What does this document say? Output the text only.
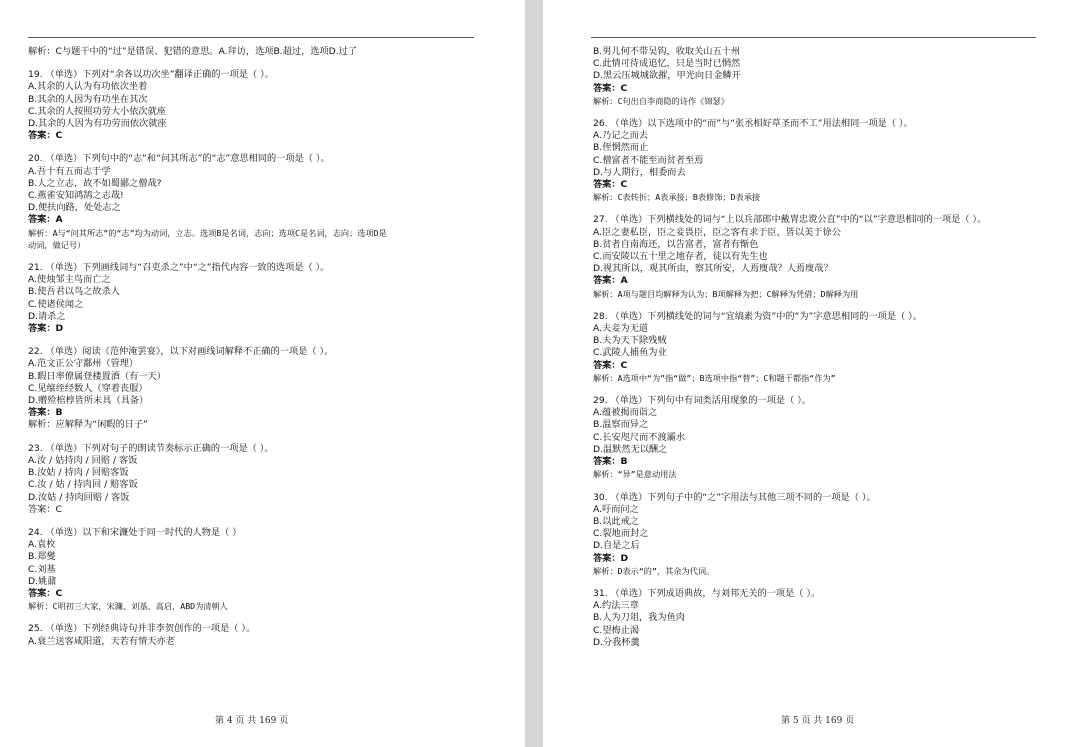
解析：C与题干中的“过”是错误、犯错的意思。A.拜访，选项B.超过，选项D.过了
19. （单选）下列对“余各以功次坐”翻译正确的一项是（ ）。
A.其余的人认为有功依次坐着
B.其余的人因为有功坐在其次
C.其余的人按照功劳大小依次就座
D.其余的人因为有功劳而依次就座
答案：C
20. （单选）下列句中的“志”和“问其所志”的“志”意思相同的一项是（ ）。
A.吾十有五而志于学
B.人之立志，故不如蜀鄙之僧哉?
C.燕雀安知鸿鹄之志哉!
D.便扶向路，处处志之
答案：A
解析：A与“问其所志”的“志”均为动词，立志。选项B是名词，志向；选项C是名词，志向；选项D是
动词，做记号）
21. （单选）下列画线词与“召吏杀之”中“之”指代内容一致的选项是（ ）。
A.使烛邹主鸟而亡之
B.使吾君以鸟之故杀人
C.使诸侯闻之
D.请杀之
答案：D
22. （单选）阅读《范仲淹罢宴》，以下对画线词解释不正确的一项是（ ）。
A.范文正公守鄱州（管理）
B.暇日率僚属登楼置酒（有一天）
C.见缞绖经数人（穿着丧服）
D.赠殓棺椁皆所未具（具备）
答案：B
解析：应解释为“闲暇的日子”
23. （单选）下列对句子的朗读节奏标示正确的一项是（ ）。
A.汝 / 姑持肉 / 回赔 / 客饭
B.汝姑 / 持肉 / 回赔客饭
C.汝 / 姑 / 持肉回 / 赔客饭
D.汝姑 / 持肉回赔 / 客饭
答案：C
24. （单选）以下和宋濂处于同一时代的人物是（ ）
A.袁枚
B.郑燮
C.刘基
D.姚鼐
答案：C
解析：C明初三大家，宋濂、刘基、高启，ABD为清朝人
25. （单选）下列经典诗句并非李贺创作的一项是（ ）。
A.衰兰送客咸阳道，天若有情天亦老
第 4 页 共 169 页
B.男儿何不带吴钩，收取关山五十州
C.此情可待成追忆，只是当时已惘然
D.黑云压城城欲摧，甲光向日金鳞开
答案：C
解析：C句出自李商隐的诗作《锦瑟》
26. （单选）以下选项中的“而”与“张丞相好草圣而不工”用法相同一项是（ ）。
A.乃记之而去
B.侄惘然而止
C.僧富者不能至而贫者至焉
D.与人期行，相委而去
答案：C
解析：C表转折；A表承接；B表修饰；D表承接
27. （单选）下列横线处的词与“上以兵部郎中戴胄忠谠公直”中的“以”字意思相同的一项是（ ）。
A.臣之妻私臣，臣之妾畏臣，臣之客有求于臣，皆以美于徐公
B.贫者自南海还，以告富者，富者有惭色
C.而安陵以五十里之地存者，徒以有先生也
D.视其所以，观其所由，察其所安，人焉廋哉？人焉廋哉？
答案：A
解析：A项与题目均解释为认为；B项解释为把；C解释为凭借；D解释为用
28. （单选）下列横线处的词与“宜缟素为资”中的“为”字意思相同的一项是（ ）。
A.夫妾为无道
B.夫为天下除残贼
C.武陵人捕鱼为业
答案：C
解析：A选项中“为”指“做”；B选项中指“替”；C和题干都指“作为”
29. （单选）下列句中有词类活用现象的一项是（ ）。
A.蕴被揭而诣之
B.温察而异之
C.长安咫尺而不渡灞水
D.温默然无以酬之
答案：B
解析：“异”是意动用法
30. （单选）下列句子中的“之”字用法与其他三项不同的一项是（ ）。
A.吁而问之
B.以此戒之
C.裂地而封之
D.自是之后
答案：D
解析：D表示“的”，其余为代词。
31. （单选）下列成语典故，与刘邦无关的一项是（ ）。
A.约法三章
B.人为刀俎，我为鱼肉
C.望梅止渴
D.分我杯羹
第 5 页 共 169 页
